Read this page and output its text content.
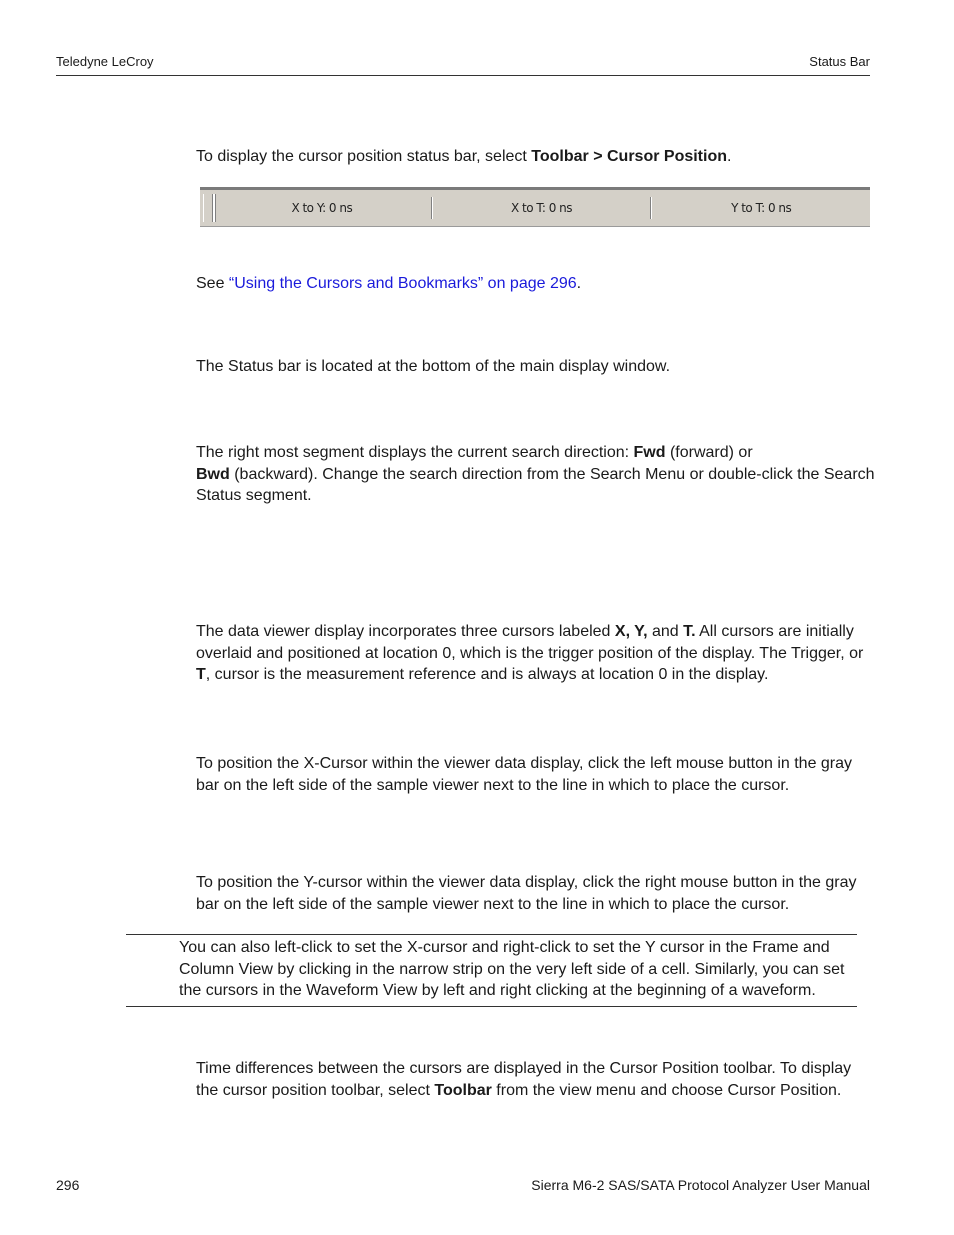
Teledyne LeCroy	Status Bar
To display the cursor position status bar, select Toolbar > Cursor Position.
X to Y: 0 ns	X to T: 0 ns	Y to T: 0 ns
See “Using the Cursors and Bookmarks” on page 296.
The Status bar is located at the bottom of the main display window.
The right most segment displays the current search direction: Fwd (forward) or
Bwd (backward). Change the search direction from the Search Menu or double-click the Search Status segment.
The data viewer display incorporates three cursors labeled X, Y, and T. All cursors are initially overlaid and positioned at location 0, which is the trigger position of the display. The Trigger, or T, cursor is the measurement reference and is always at location 0 in the display.
To position the X-Cursor within the viewer data display, click the left mouse button in the gray bar on the left side of the sample viewer next to the line in which to place the cursor.
To position the Y-cursor within the viewer data display, click the right mouse button in the gray bar on the left side of the sample viewer next to the line in which to place the cursor.
You can also left-click to set the X-cursor and right-click to set the Y cursor in the Frame and Column View by clicking in the narrow strip on the very left side of a cell. Similarly, you can set the cursors in the Waveform View by left and right clicking at the beginning of a waveform.
Time differences between the cursors are displayed in the Cursor Position toolbar. To display the cursor position toolbar, select Toolbar from the view menu and choose Cursor Position.
296	Sierra M6-2 SAS/SATA Protocol Analyzer User Manual
